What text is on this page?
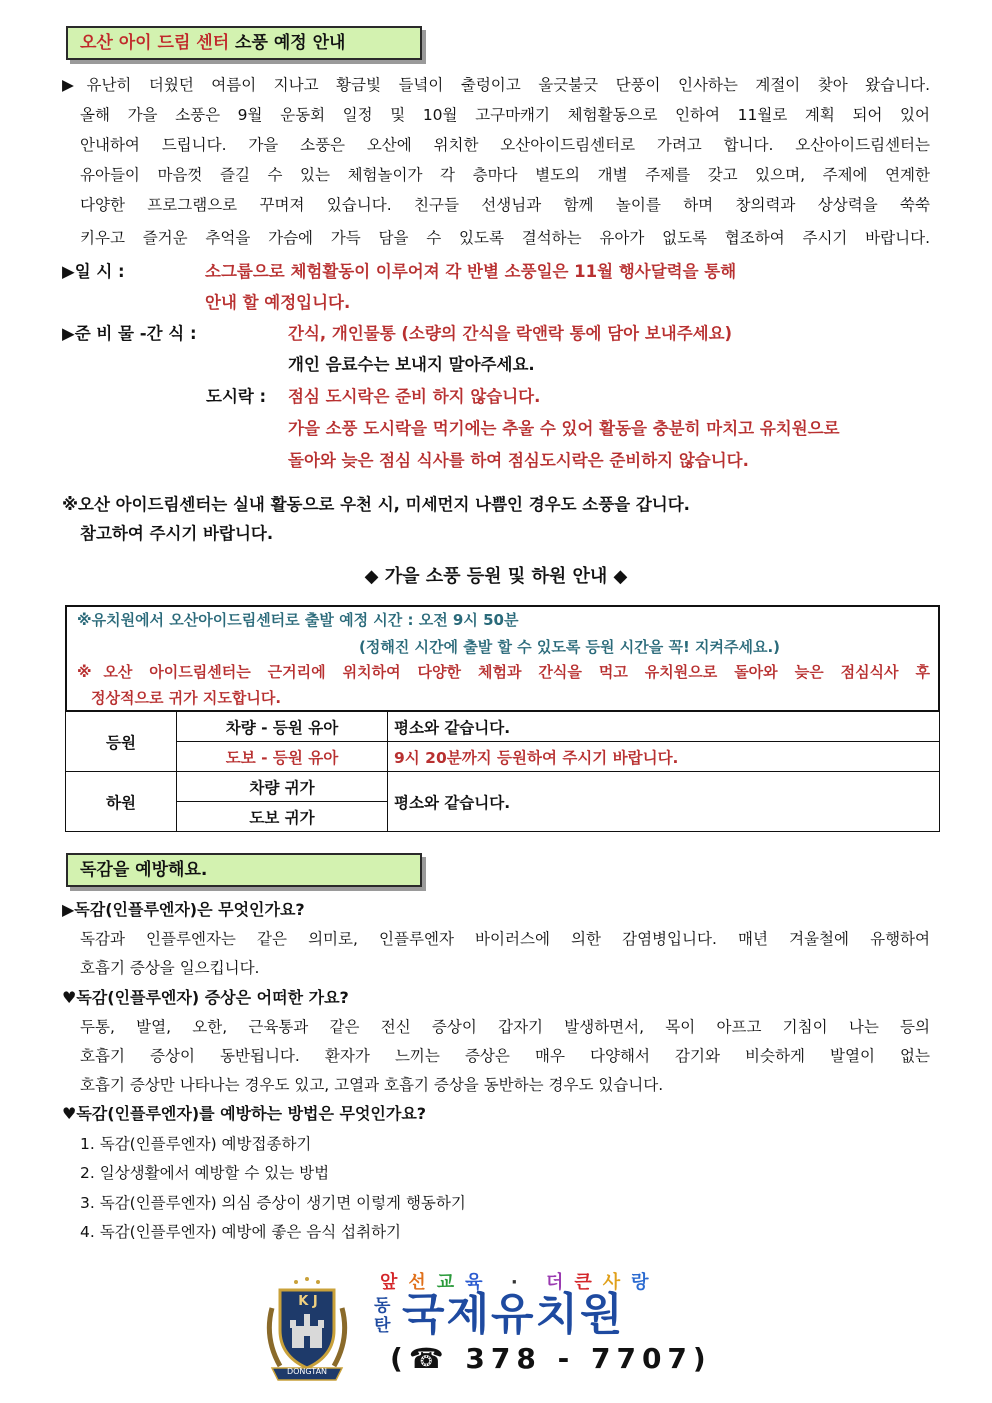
오산 아이 드림 센터 소풍 예정 안내
▶유난히 더웠던 여름이 지나고 황금빛 들녘이 출렁이고 울긋불긋 단풍이 인사하는 계절이 찾아 왔습니다.
올해 가을 소풍은 9월 운동회 일정 및 10월 고구마캐기 체험활동으로 인하여 11월로 계획 되어 있어
안내하여 드립니다. 가을 소풍은 오산에 위치한 오산아이드림센터로 가려고 합니다. 오산아이드림센터는
유아들이 마음껏 즐길 수 있는 체험놀이가 각 층마다 별도의 개별 주제를 갖고 있으며, 주제에 연계한
다양한 프로그램으로 꾸며져 있습니다. 친구들 선생님과 함께 놀이를 하며 창의력과 상상력을 쑥쑥
키우고 즐거운 추억을 가슴에 가득 담을 수 있도록 결석하는 유아가 없도록 협조하여 주시기 바랍니다.
▶일 시 :	소그룹으로 체험활동이 이루어져 각 반별 소풍일은 11월 행사달력을 통해
안내 할 예정입니다.
▶준 비 물 -간 식 :	간식, 개인물통 (소량의 간식을 락앤락 통에 담아 보내주세요)
개인 음료수는 보내지 말아주세요.
도시락 : 점심 도시락은 준비 하지 않습니다.
가을 소풍 도시락을 먹기에는 추울 수 있어 활동을 충분히 마치고 유치원으로
돌아와 늦은 점심 식사를 하여 점심도시락은 준비하지 않습니다.
※오산 아이드림센터는 실내 활동으로 우천 시, 미세먼지 나쁨인 경우도 소풍을 갑니다.
참고하여 주시기 바랍니다.
◆ 가을 소풍 등원 및 하원 안내 ◆
※유치원에서 오산아이드림센터로 출발 예정 시간 : 오전 9시 50분
(정해진 시간에 출발 할 수 있도록 등원 시간을 꼭! 지켜주세요.)
※오산 아이드림센터는 근거리에 위치하여 다양한 체험과 간식을 먹고 유치원으로 돌아와 늦은 점심식사 후
정상적으로 귀가 지도합니다.
등원	차량 - 등원 유아	평소와 같습니다.
	도보 - 등원 유아	9시 20분까지 등원하여 주시기 바랍니다.
하원	차량 귀가	평소와 같습니다.
	도보 귀가	
독감을 예방해요.
▶독감(인플루엔자)은 무엇인가요?
독감과 인플루엔자는 같은 의미로, 인플루엔자 바이러스에 의한 감염병입니다. 매년 겨울철에 유행하여
호흡기 증상을 일으킵니다.
♥독감(인플루엔자) 증상은 어떠한 가요?
두통, 발열, 오한, 근육통과 같은 전신 증상이 갑자기 발생하면서, 목이 아프고 기침이 나는 등의
호흡기 증상이 동반됩니다. 환자가 느끼는 증상은 매우 다양해서 감기와 비슷하게 발열이 없는
호흡기 증상만 나타나는 경우도 있고, 고열과 호흡기 증상을 동반하는 경우도 있습니다.
♥독감(인플루엔자)를 예방하는 방법은 무엇인가요?
1. 독감(인플루엔자) 예방접종하기
2. 일상생활에서 예방할 수 있는 방법
3. 독감(인플루엔자) 의심 증상이 생기면 이렇게 행동하기
4. 독감(인플루엔자) 예방에 좋은 음식 섭취하기
K J
DONGTAN
앞선교육 · 더큰사랑
동
탄 국제유치원
(☎ 378 - 7707)
